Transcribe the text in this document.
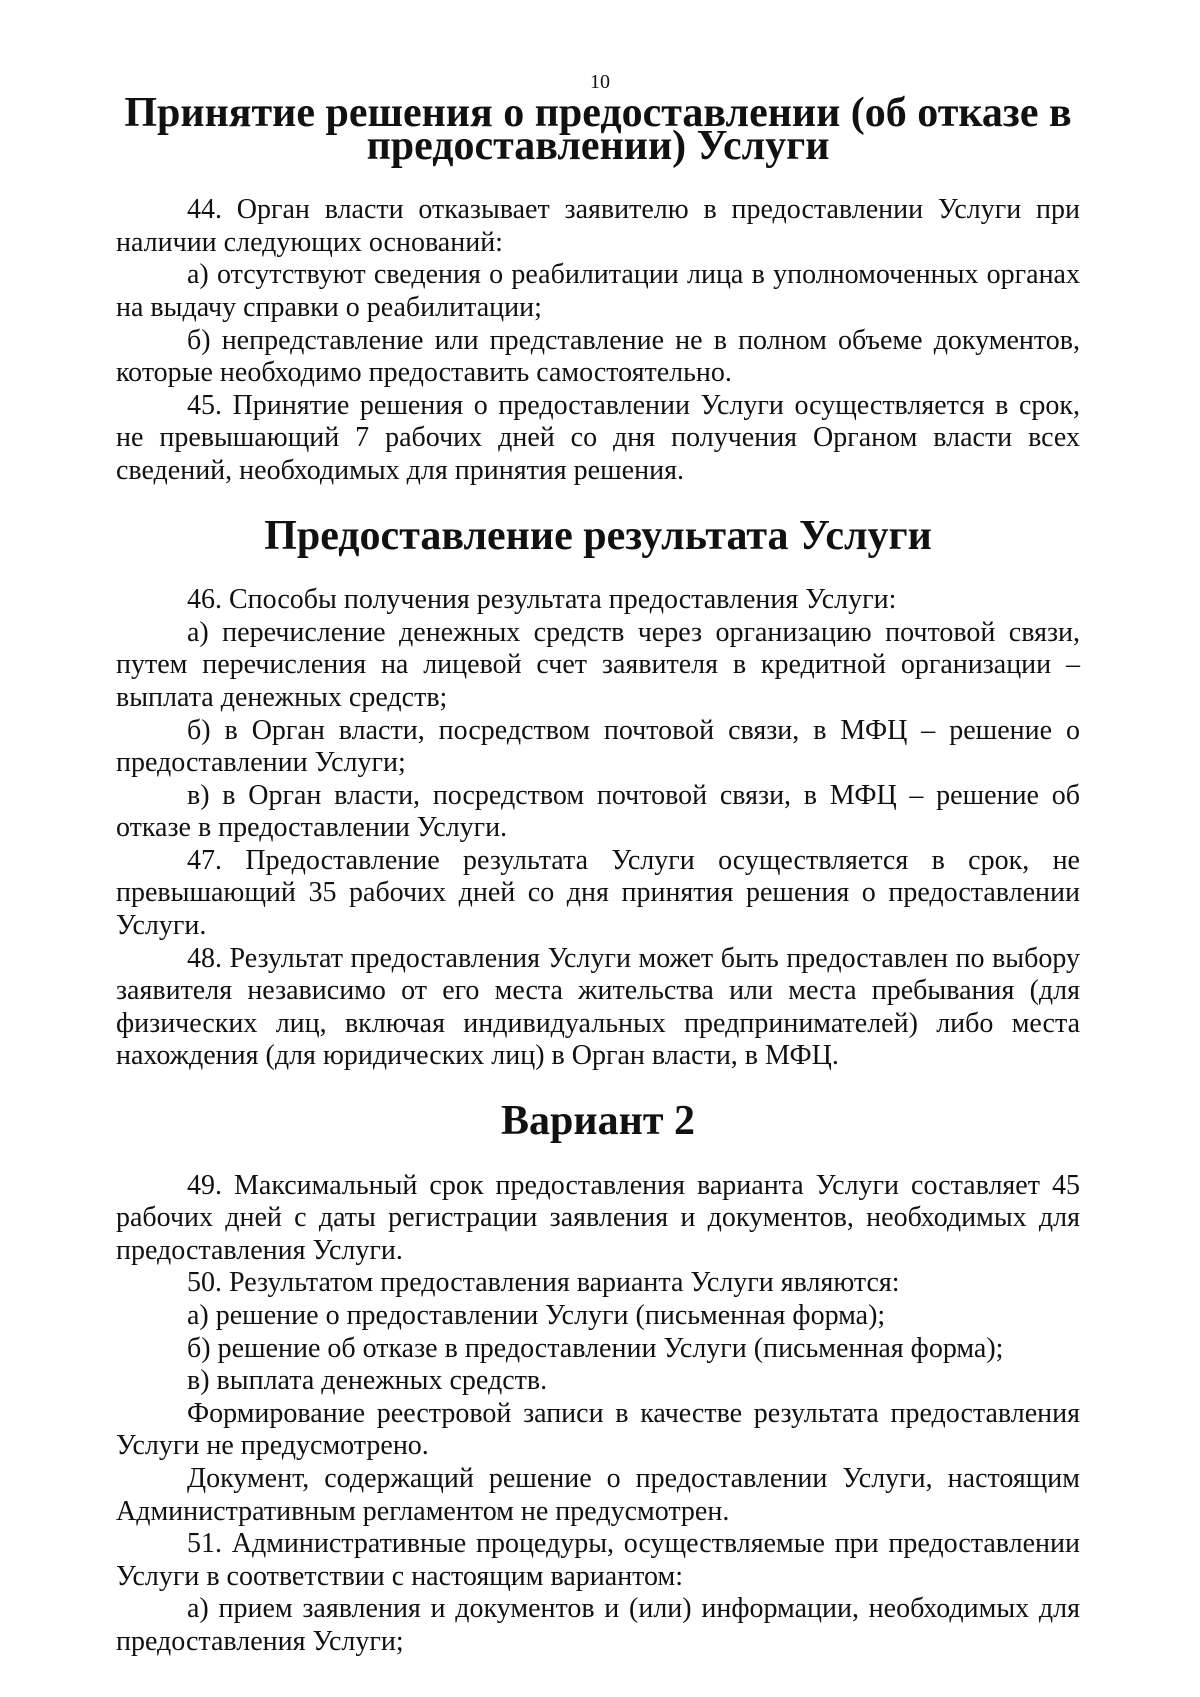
10
Принятие решения о предоставлении (об отказе в предоставлении) Услуги

44. Орган власти отказывает заявителю в предоставлении Услуги при наличии следующих оснований:

а) отсутствуют сведения о реабилитации лица в уполномоченных органах на выдачу справки о реабилитации;

б) непредставление или представление не в полном объеме документов, которые необходимо предоставить самостоятельно.

45. Принятие решения о предоставлении Услуги осуществляется в срок, не превышающий 7 рабочих дней со дня получения Органом власти всех сведений, необходимых для принятия решения.

Предоставление результата Услуги

46. Способы получения результата предоставления Услуги:

а) перечисление денежных средств через организацию почтовой связи, путем перечисления на лицевой счет заявителя в кредитной организации – выплата денежных средств;

б) в Орган власти, посредством почтовой связи, в МФЦ – решение о предоставлении Услуги;

в) в Орган власти, посредством почтовой связи, в МФЦ – решение об отказе в предоставлении Услуги.

47. Предоставление результата Услуги осуществляется в срок, не превышающий 35 рабочих дней со дня принятия решения о предоставлении Услуги.

48. Результат предоставления Услуги может быть предоставлен по выбору заявителя независимо от его места жительства или места пребывания (для физических лиц, включая индивидуальных предпринимателей) либо места нахождения (для юридических лиц) в Орган власти, в МФЦ.

Вариант 2

49. Максимальный срок предоставления варианта Услуги составляет 45 рабочих дней с даты регистрации заявления и документов, необходимых для предоставления Услуги.

50. Результатом предоставления варианта Услуги являются:

а) решение о предоставлении Услуги (письменная форма);

б) решение об отказе в предоставлении Услуги (письменная форма);

в) выплата денежных средств.

Формирование реестровой записи в качестве результата предоставления Услуги не предусмотрено.

Документ, содержащий решение о предоставлении Услуги, настоящим Административным регламентом не предусмотрен.

51. Административные процедуры, осуществляемые при предоставлении Услуги в соответствии с настоящим вариантом:

а) прием заявления и документов и (или) информации, необходимых для предоставления Услуги;
